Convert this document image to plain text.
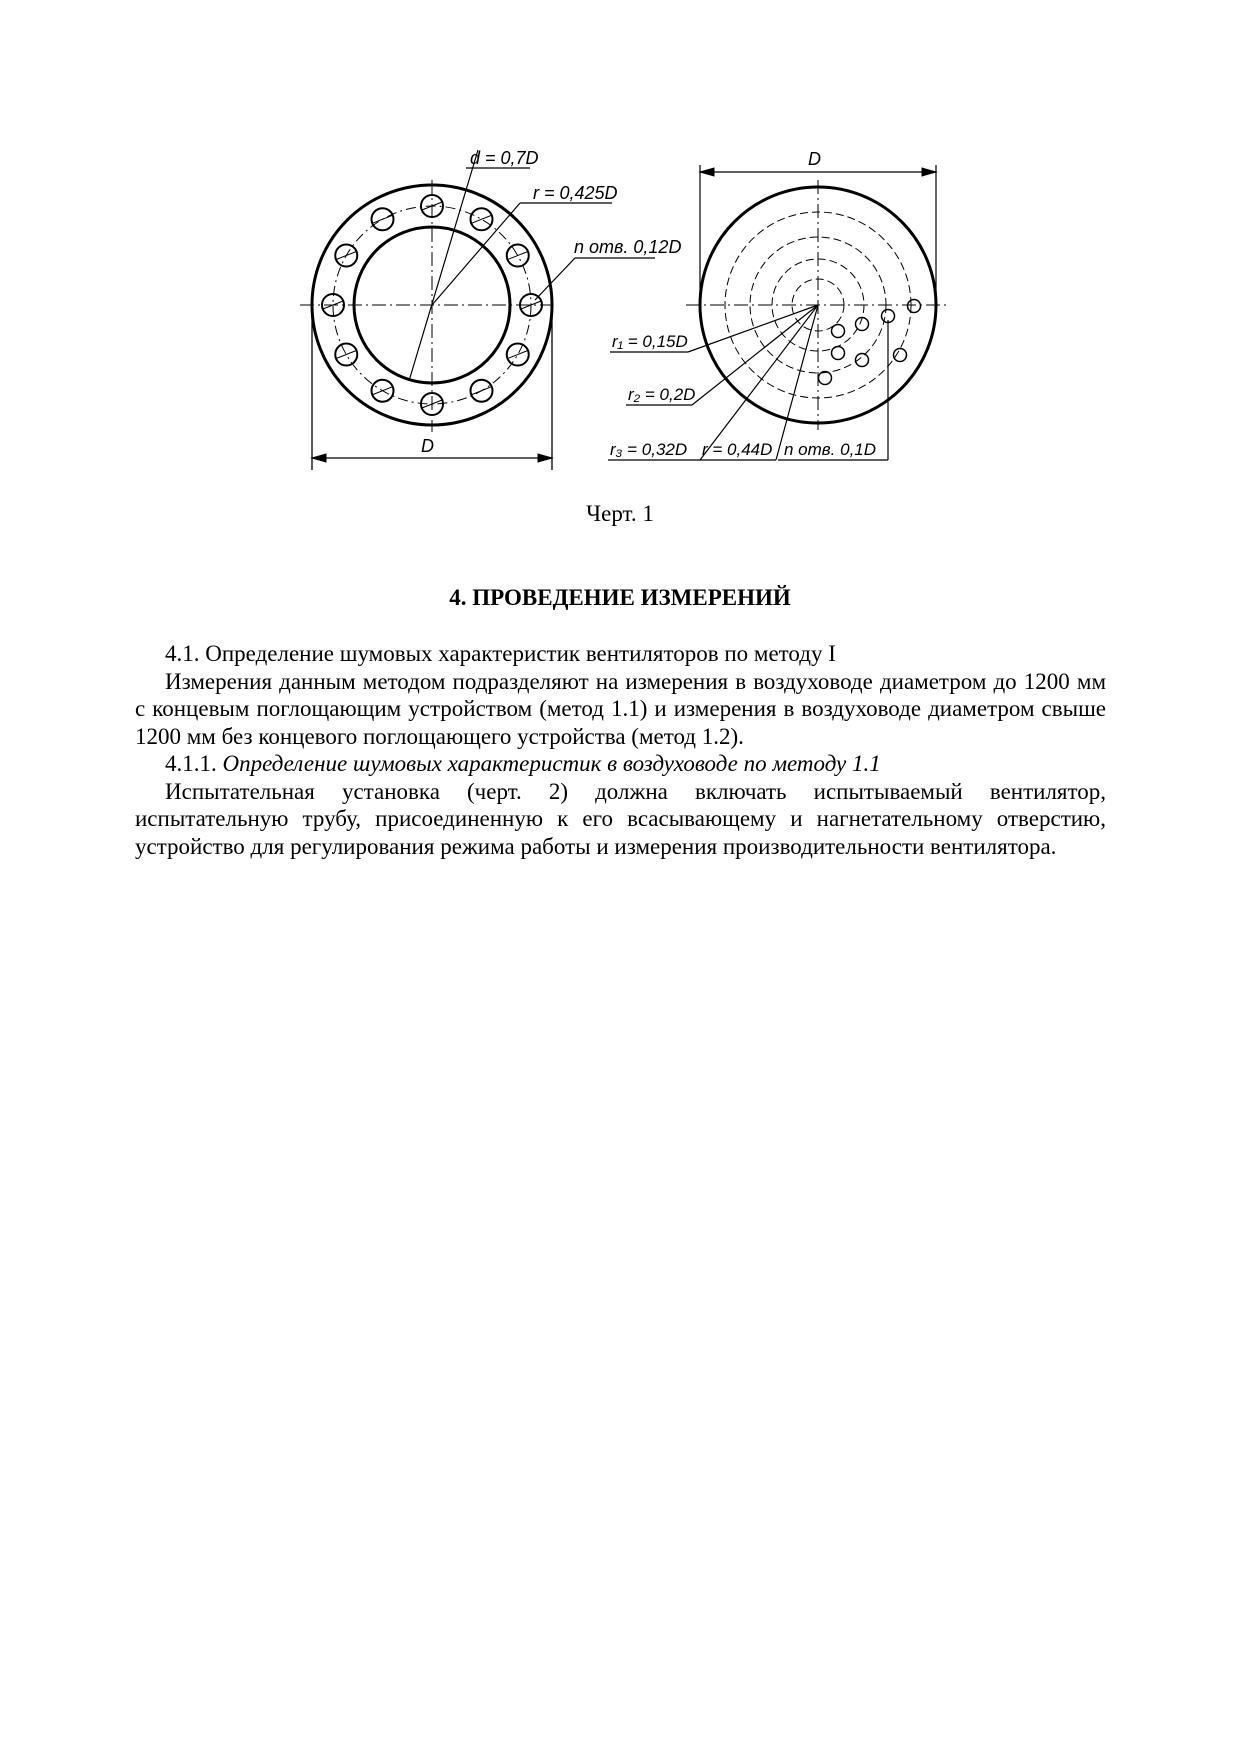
d = 0,7D
r = 0,425D
n отв. 0,12D
D
D
r₁ = 0,15D
r₂ = 0,2D
r₃ = 0,32D r = 0,44D n отв. 0,1D
Черт. 1
4. ПРОВЕДЕНИЕ ИЗМЕРЕНИЙ

4.1. Определение шумовых характеристик вентиляторов по методу I

Измерения данным методом подразделяют на измерения в воздуховоде диаметром до 1200 мм с концевым поглощающим устройством (метод 1.1) и измерения в воздуховоде диаметром свыше 1200 мм без концевого поглощающего устройства (метод 1.2).

4.1.1. Определение шумовых характеристик в воздуховоде по методу 1.1

Испытательная установка (черт. 2) должна включать испытываемый вентилятор, испытательную трубу, присоединенную к его всасывающему и нагнетательному отверстию, устройство для регулирования режима работы и измерения производительности вентилятора.
